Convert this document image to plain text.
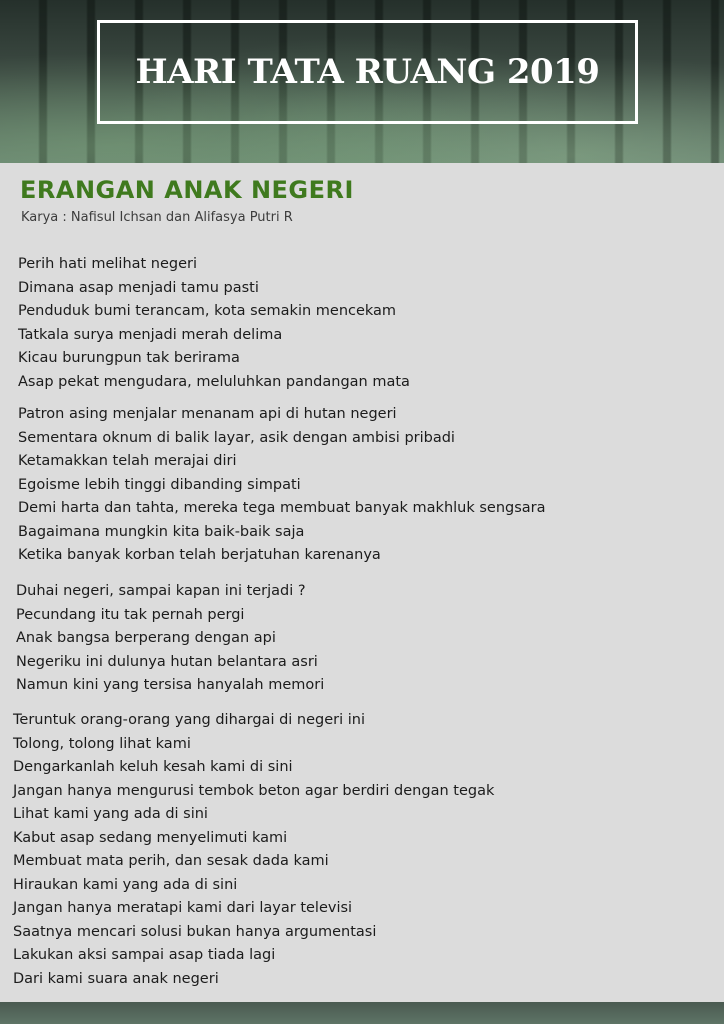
HARI TATA RUANG 2019
ERANGAN ANAK NEGERI
Karya : Nafisul Ichsan dan Alifasya Putri R
Perih hati melihat negeri
Dimana asap menjadi tamu pasti
Penduduk bumi terancam, kota semakin mencekam
Tatkala surya menjadi merah delima
Kicau burungpun tak berirama
Asap pekat mengudara, meluluhkan pandangan mata
Patron asing menjalar menanam api di hutan negeri
Sementara oknum di balik layar, asik dengan ambisi pribadi
Ketamakkan telah merajai diri
Egoisme lebih tinggi dibanding simpati
Demi harta dan tahta, mereka tega membuat banyak makhluk sengsara
Bagaimana mungkin kita baik-baik saja
Ketika banyak korban telah berjatuhan karenanya
Duhai negeri, sampai kapan ini terjadi ?
Pecundang itu tak pernah pergi
Anak bangsa berperang dengan api
Negeriku ini dulunya hutan belantara asri
Namun kini yang tersisa hanyalah memori
Teruntuk orang-orang yang dihargai di negeri ini
Tolong, tolong lihat kami
Dengarkanlah keluh kesah kami di sini
Jangan hanya mengurusi tembok beton agar berdiri dengan tegak
Lihat kami yang ada di sini
Kabut asap sedang menyelimuti kami
Membuat mata perih, dan sesak dada kami
Hiraukan kami yang ada di sini
Jangan hanya meratapi kami dari layar televisi
Saatnya mencari solusi bukan hanya argumentasi
Lakukan aksi sampai asap tiada lagi
Dari kami suara anak negeri
